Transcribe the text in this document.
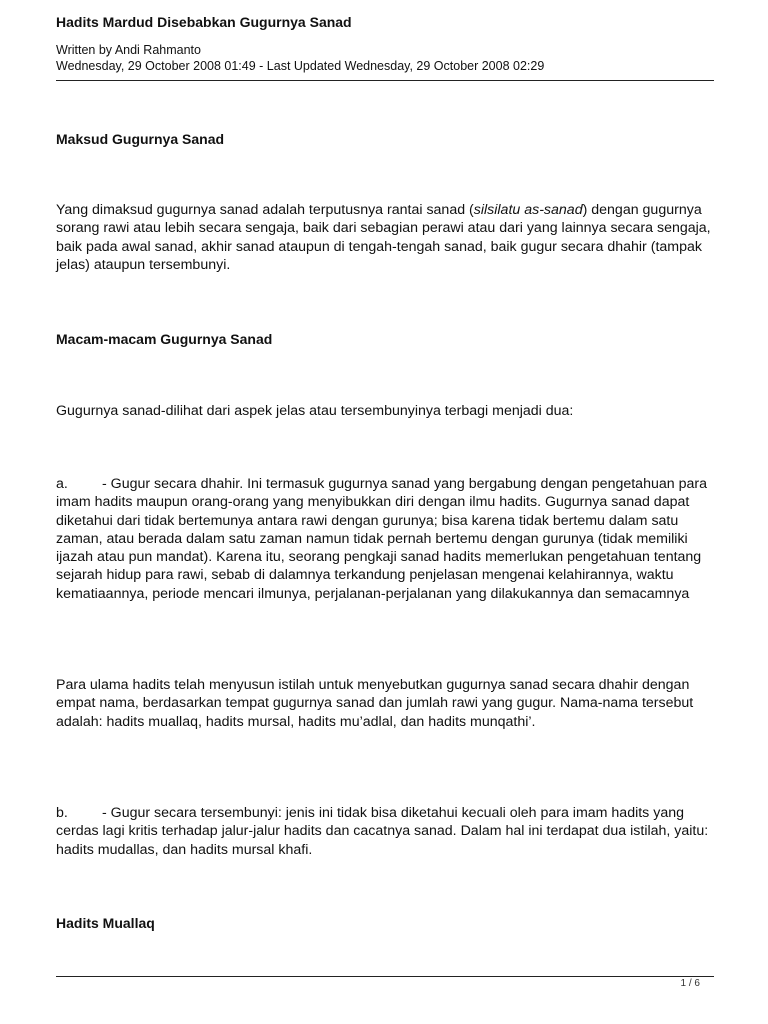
Hadits Mardud Disebabkan Gugurnya Sanad
Written by Andi Rahmanto
Wednesday, 29 October 2008 01:49 - Last Updated Wednesday, 29 October 2008 02:29
Maksud Gugurnya Sanad

Yang dimaksud gugurnya sanad adalah terputusnya rantai sanad (silsilatu as-sanad) dengan gugurnya sorang rawi atau lebih secara sengaja, baik dari sebagian perawi atau dari yang lainnya secara sengaja, baik pada awal sanad, akhir sanad ataupun di tengah-tengah sanad, baik gugur secara dhahir (tampak jelas) ataupun tersembunyi.

Macam-macam Gugurnya Sanad

Gugurnya sanad-dilihat dari aspek jelas atau tersembunyinya terbagi menjadi dua:

a. - Gugur secara dhahir. Ini termasuk gugurnya sanad yang bergabung dengan pengetahuan para imam hadits maupun orang-orang yang menyibukkan diri dengan ilmu hadits. Gugurnya sanad dapat diketahui dari tidak bertemunya antara rawi dengan gurunya; bisa karena tidak bertemu dalam satu zaman, atau berada dalam satu zaman namun tidak pernah bertemu dengan gurunya (tidak memiliki ijazah atau pun mandat). Karena itu, seorang pengkaji sanad hadits memerlukan pengetahuan tentang sejarah hidup para rawi, sebab di dalamnya terkandung penjelasan mengenai kelahirannya, waktu kematiaannya, periode mencari ilmunya, perjalanan-perjalanan yang dilakukannya dan semacamnya

Para ulama hadits telah menyusun istilah untuk menyebutkan gugurnya sanad secara dhahir dengan empat nama, berdasarkan tempat gugurnya sanad dan jumlah rawi yang gugur. Nama-nama tersebut adalah: hadits muallaq, hadits mursal, hadits mu’adlal, dan hadits munqathi’.

b. - Gugur secara tersembunyi: jenis ini tidak bisa diketahui kecuali oleh para imam hadits yang cerdas lagi kritis terhadap jalur-jalur hadits dan cacatnya sanad. Dalam hal ini terdapat dua istilah, yaitu: hadits mudallas, dan hadits mursal khafi.

Hadits Muallaq
1 / 6
